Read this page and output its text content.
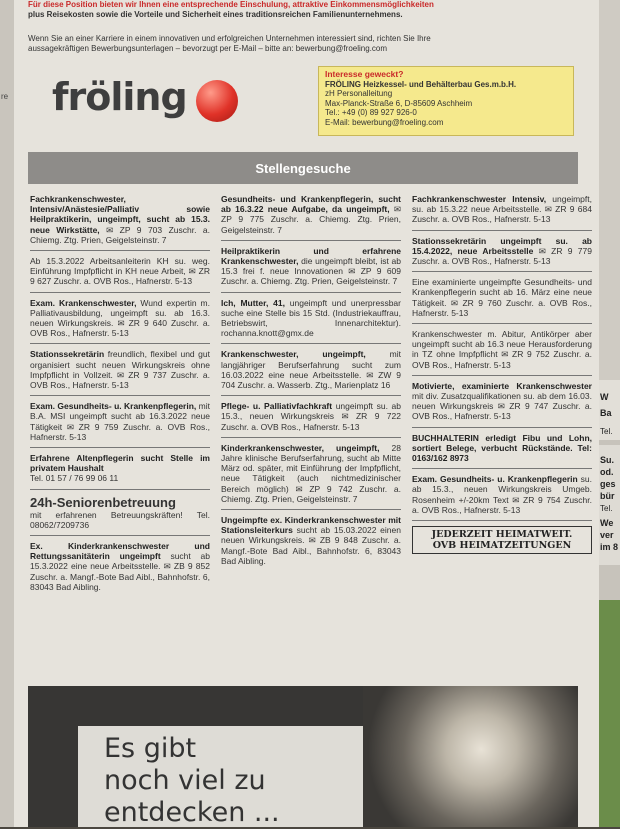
re

Für diese Position bieten wir Ihnen eine entsprechende Einschulung, attraktive Einkommensmöglichkeiten

plus Reisekosten sowie die Vorteile und Sicherheit eines traditionsreichen Familienunternehmens.

Wenn Sie an einer Karriere in einem innovativen und erfolgreichen Unternehmen interessiert sind, richten Sie Ihre

aussagekräftigen Bewerbungsunterlagen – bevorzugt per E-Mail – bitte an: bewerbung@froeling.com

fröling
Interesse geweckt?
FRÖLING Heizkessel- und Behälterbau Ges.m.b.H.
zH Personalleitung
Max-Planck-Straße 6, D-85609 Aschheim
Tel.: +49 (0) 89 927 926-0
E-Mail: bewerbung@froeling.com
Stellengesuche
Fachkrankenschwester, Intensiv/Anästesie/Palliativ sowie Heilpraktikerin, ungeimpft, sucht ab 15.3. neue Wirkstätte, ✉ ZP 9 703 Zuschr. a. Chiemg. Ztg. Prien, Geigelsteinstr. 7
Ab 15.3.2022 Arbeitsanleiterin KH su. weg. Einführung Impfpflicht in KH neue Arbeit, ✉ ZR 9 627 Zuschr. a. OVB Ros., Hafnerstr. 5-13
Exam. Krankenschwester, Wund expertin m. Palliativausbildung, ungeimpft su. ab 16.3. neuen Wirkungskreis. ✉ ZR 9 640 Zuschr. a. OVB Ros., Hafnerstr. 5-13
Stationssekretärin freundlich, flexibel und gut organisiert sucht neuen Wirkungskreis ohne Impfpflicht in Vollzeit. ✉ ZR 9 737 Zuschr. a. OVB Ros., Hafnerstr. 5-13
Exam. Gesundheits- u. Krankenpflegerin, mit B.A. MSI ungeimpft sucht ab 16.3.2022 neue Tätigkeit ✉ ZR 9 759 Zuschr. a. OVB Ros., Hafnerstr. 5-13
Erfahrene Altenpflegerin sucht Stelle im privatem Haushalt
Tel. 01 57 / 76 99 06 11
24h-Seniorenbetreuung
mit erfahrenen Betreuungskräften! Tel. 08062/7209736
Ex. Kinderkrankenschwester und Rettungssanitäterin ungeimpft sucht ab 15.3.2022 eine neue Arbeitsstelle. ✉ ZB 9 852 Zuschr. a. Mangf.-Bote Bad Aibl., Bahnhofstr. 6, 83043 Bad Aibling.
Gesundheits- und Krankenpflegerin, sucht ab 16.3.22 neue Aufgabe, da ungeimpft, ✉ ZP 9 775 Zuschr. a. Chiemg. Ztg. Prien, Geigelsteinstr. 7
Heilpraktikerin und erfahrene Krankenschwester, die ungeimpft bleibt, ist ab 15.3 frei f. neue Innovationen ✉ ZP 9 609 Zuschr. a. Chiemg. Ztg. Prien, Geigelsteinstr. 7
Ich, Mutter, 41, ungeimpft und unerpressbar suche eine Stelle bis 15 Std. (Industriekauffrau, Betriebswirt, Innenarchitektur). rochanna.knott@gmx.de
Krankenschwester, ungeimpft,	mit langjähriger Berufserfahrung sucht zum 16.03.2022 eine neue Arbeitsstelle. ✉ ZW 9 704 Zuschr. a. Wasserb. Ztg., Marienplatz 16
Pflege- u. Palliativfachkraft ungeimpft su. ab 15.3., neuen Wirkungskreis ✉ ZR 9 722 Zuschr. a. OVB Ros., Hafnerstr. 5-13
Kinderkrankenschwester, ungeimpft, 28 Jahre klinische Berufserfahrung, sucht ab Mitte März od. später, mit Einführung der Impfpflicht, neue Tätigkeit (auch nichtmedizinischer Bereich möglich) ✉ ZP 9 742 Zuschr. a. Chiemg. Ztg. Prien, Geigelsteinstr. 7
Ungeimpfte ex. Kinderkrankenschwester mit Stationsleiterkurs sucht ab 15.03.2022 einen neuen Wirkungskreis. ✉ ZB 9 848 Zuschr. a. Mangf.-Bote Bad Aibl., Bahnhofstr. 6, 83043 Bad Aibling.
Fachkrankenschwester Intensiv, ungeimpft, su. ab 15.3.22 neue Arbeitsstelle. ✉ ZR 9 684 Zuschr. a. OVB Ros., Hafnerstr. 5-13
Stationssekretärin ungeimpft su. ab 15.4.2022, neue Arbeitsstelle ✉ ZR 9 779 Zuschr. a. OVB Ros., Hafnerstr. 5-13
Eine examinierte ungeimpfte Gesundheits- und Krankenpflegerin sucht ab 16. März eine neue Tätigkeit. ✉ ZR 9 760 Zuschr. a. OVB Ros., Hafnerstr. 5-13
Krankenschwester m. Abitur, Antikörper aber ungeimpft sucht ab 16.3 neue Herausforderung in TZ ohne Impfpflicht ✉ ZR 9 752 Zuschr. a. OVB Ros., Hafnerstr. 5-13
Motivierte, examinierte Krankenschwester mit div. Zusatzqualifikationen su. ab dem 16.03. neuen Wirkungskreis ✉ ZR 9 747 Zuschr. a. OVB Ros., Hafnerstr. 5-13
BUCHHALTERIN erledigt Fibu und Lohn, sortiert Belege, verbucht Rückstände. Tel: 0163/162 8973
Exam. Gesundheits- u. Krankenpflegerin su. ab 15.3., neuen Wirkungskreis Umgeb. Rosenheim +/-20km Text ✉ ZR 9 754 Zuschr. a. OVB Ros., Hafnerstr. 5-13
JEDERZEIT HEIMATWEIT.
OVB HEIMATZEITUNGEN
Es gibt
noch viel zu
entdecken ...
W
Ba
Tel.
Su.
od.
ges
bür
Tel.
We
ver
im 8
